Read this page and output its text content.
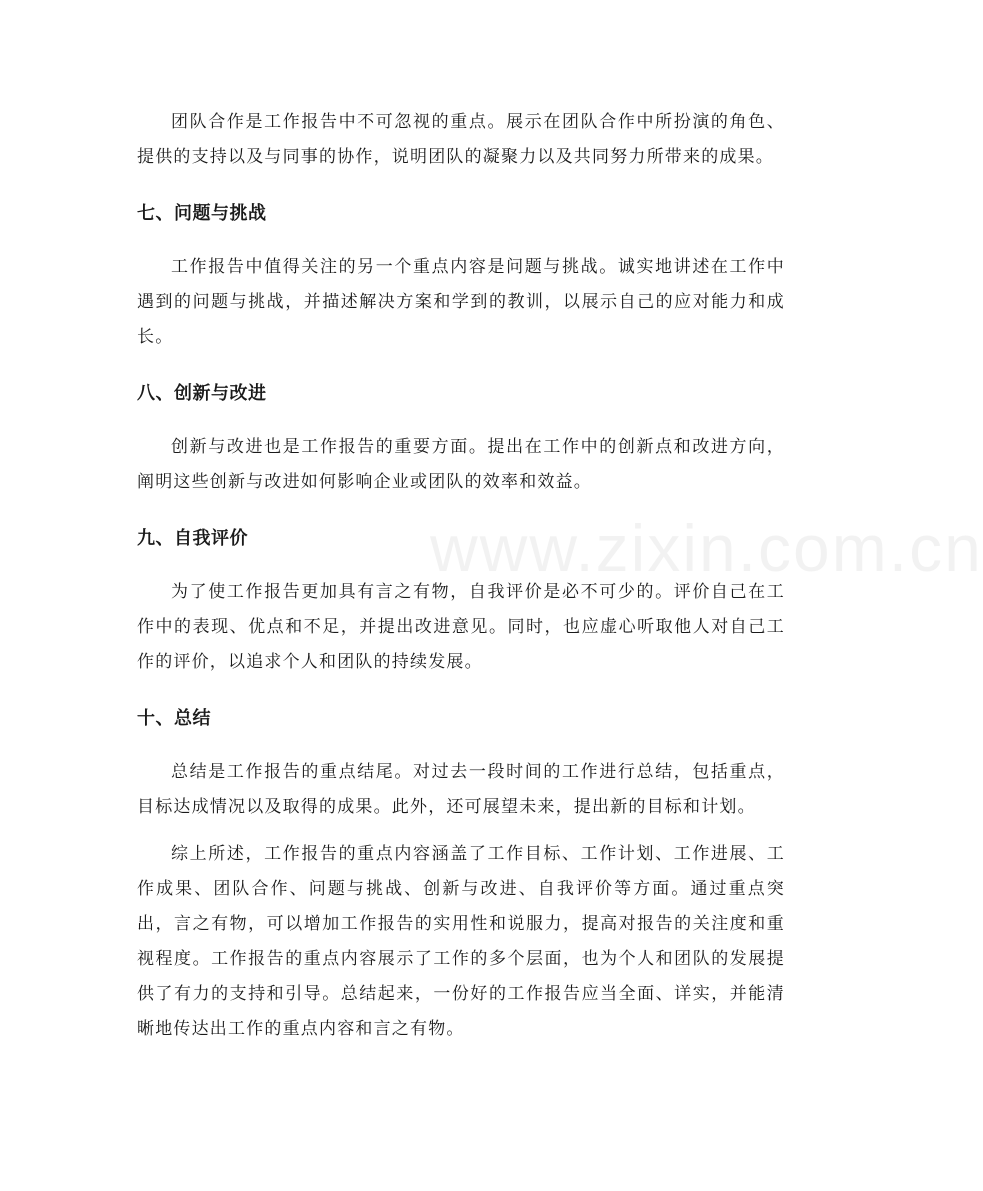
www.zixin.com.cn

团队合作是工作报告中不可忽视的重点。展示在团队合作中所扮演的角色、提供的支持以及与同事的协作，说明团队的凝聚力以及共同努力所带来的成果。

七、问题与挑战

工作报告中值得关注的另一个重点内容是问题与挑战。诚实地讲述在工作中遇到的问题与挑战，并描述解决方案和学到的教训，以展示自己的应对能力和成长。

八、创新与改进

创新与改进也是工作报告的重要方面。提出在工作中的创新点和改进方向，阐明这些创新与改进如何影响企业或团队的效率和效益。

九、自我评价

为了使工作报告更加具有言之有物，自我评价是必不可少的。评价自己在工作中的表现、优点和不足，并提出改进意见。同时，也应虚心听取他人对自己工作的评价，以追求个人和团队的持续发展。

十、总结

总结是工作报告的重点结尾。对过去一段时间的工作进行总结，包括重点，目标达成情况以及取得的成果。此外，还可展望未来，提出新的目标和计划。

综上所述，工作报告的重点内容涵盖了工作目标、工作计划、工作进展、工作成果、团队合作、问题与挑战、创新与改进、自我评价等方面。通过重点突出，言之有物，可以增加工作报告的实用性和说服力，提高对报告的关注度和重视程度。工作报告的重点内容展示了工作的多个层面，也为个人和团队的发展提供了有力的支持和引导。总结起来，一份好的工作报告应当全面、详实，并能清晰地传达出工作的重点内容和言之有物。
